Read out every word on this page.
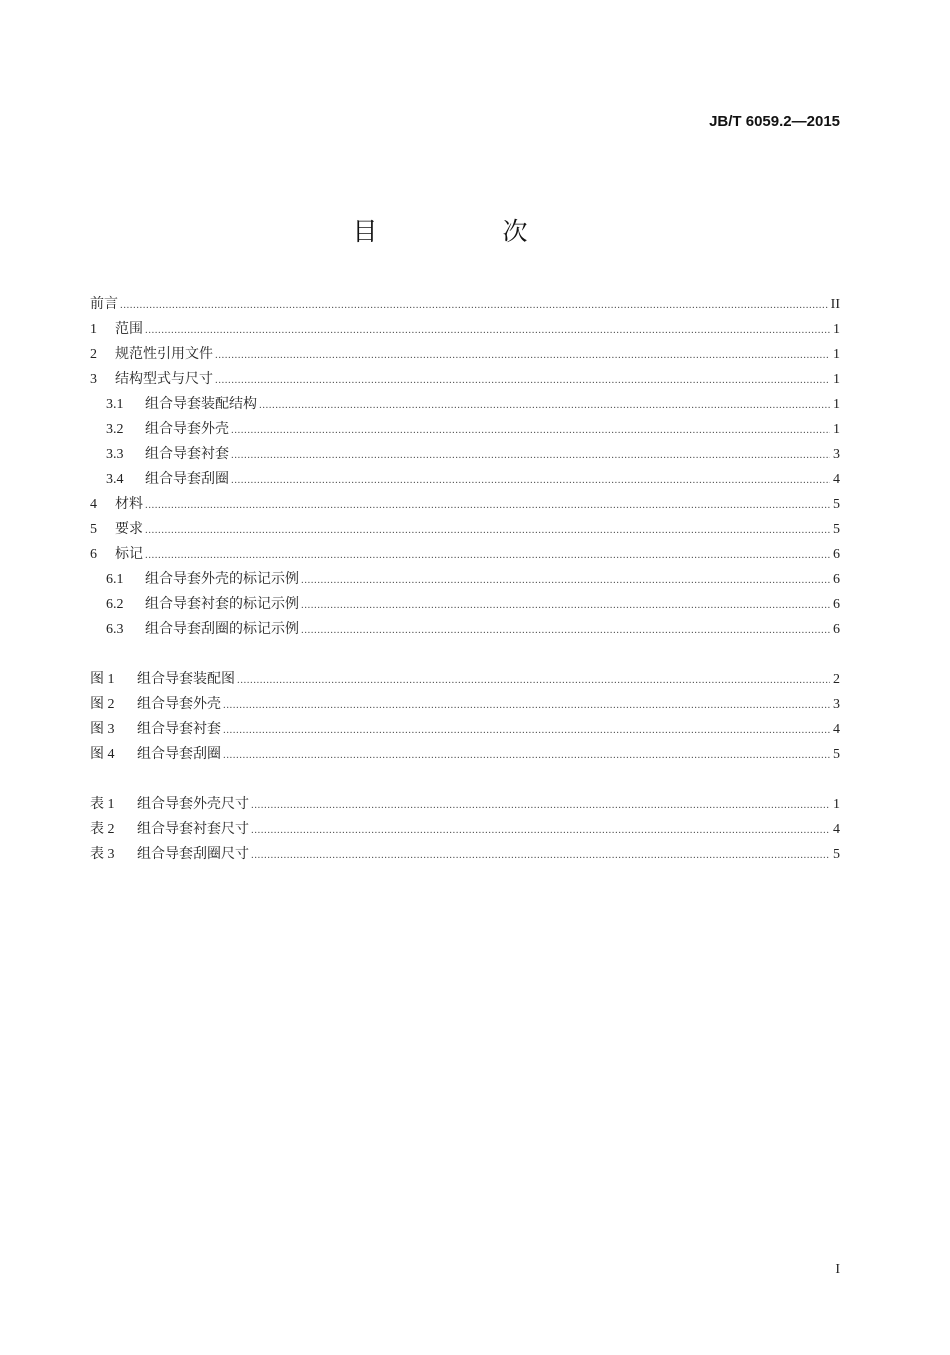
JB/T 6059.2—2015
目　次
前言 .....	II
1	范围 .....	1
2	规范性引用文件 .....	1
3	结构型式与尺寸 .....	1
3.1	组合导套装配结构 .....	1
3.2	组合导套外壳 .....	1
3.3	组合导套衬套 .....	3
3.4	组合导套刮圈 .....	4
4	材料 .....	5
5	要求 .....	5
6	标记 .....	6
6.1	组合导套外壳的标记示例 .....	6
6.2	组合导套衬套的标记示例 .....	6
6.3	组合导套刮圈的标记示例 .....	6
图 1	组合导套装配图 .....	2
图 2	组合导套外壳 .....	3
图 3	组合导套衬套 .....	4
图 4	组合导套刮圈 .....	5
表 1	组合导套外壳尺寸 .....	1
表 2	组合导套衬套尺寸 .....	4
表 3	组合导套刮圈尺寸 .....	5
I
